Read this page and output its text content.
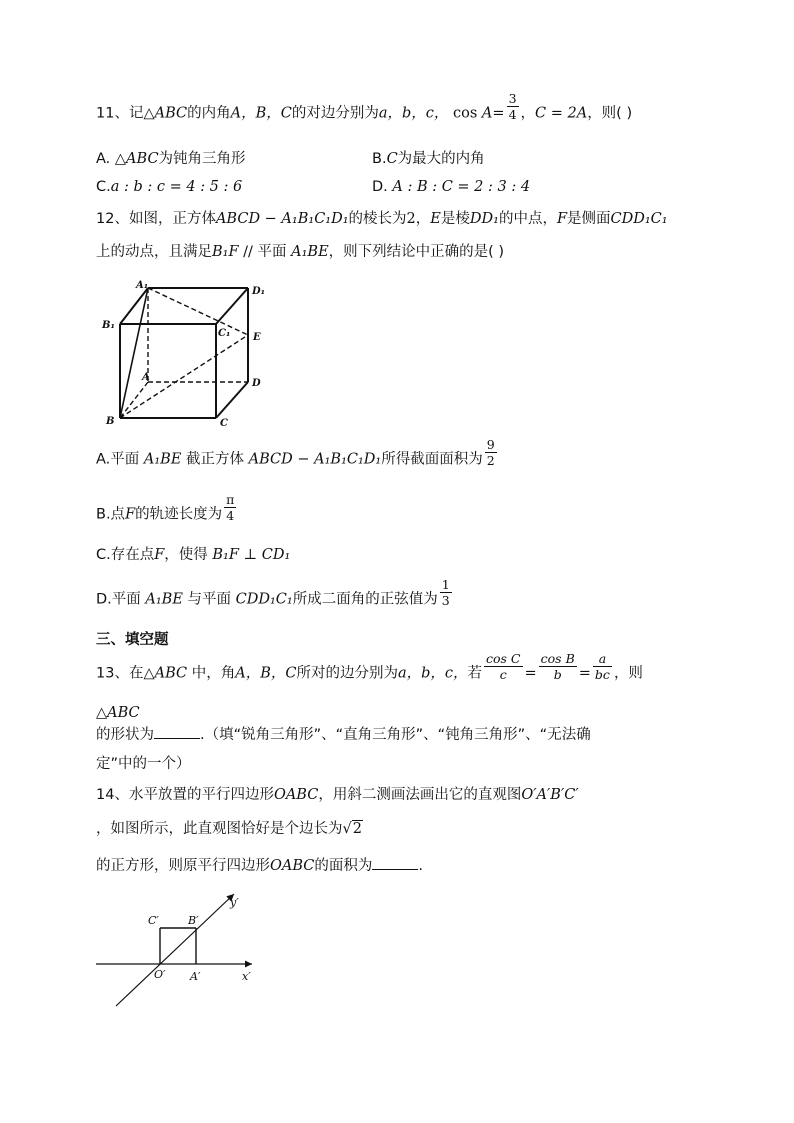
11、记△ABC的内角A，B，C的对边分别为a，b，c， $\cos A= \frac{3}{4}$ ，C = 2A，则( )
A. △ABC为钝角三角形	B.C为最大的内角
C.a : b : c = 4 : 5 : 6	D. A : B : C = 2 : 3 : 4
12、如图，正方体ABCD − A₁B₁C₁D₁的棱长为2，E是棱DD₁的中点，F是侧面CDD₁C₁
上的动点，且满足B₁F // 平面 A₁BE，则下列结论中正确的是( )
A₁
D₁
B₁
C₁ E
A
D
B	C
A.平面 A₁BE 截正方体 ABCD − A₁B₁C₁D₁所得截面面积为 $\frac{9}{2}$
B.点F的轨迹长度为 $\frac{\pi}{4}$
C.存在点F，使得 B₁F ⊥ CD₁
D.平面 A₁BE 与平面 CDD₁C₁所成二面角的正弦值为 $\frac{1}{3}$
三、填空题
13、在△ABC 中，角A，B，C所对的边分别为a，b，c，若 $\frac{\text{cos C}}{c} = \frac{\text{cos B}}{b} = \frac{a}{bc}$ ，则
△ABC
的形状为	.（填“锐角三角形”、“直角三角形”、“钝角三角形”、“无法确
定”中的一个）
14、水平放置的平行四边形OABC，用斜二测画法画出它的直观图O′A′B′C′
，如图所示，此直观图恰好是个边长为√2
的正方形，则原平行四边形OABC的面积为	.
C′	B′
O′ A′	x′
y′
